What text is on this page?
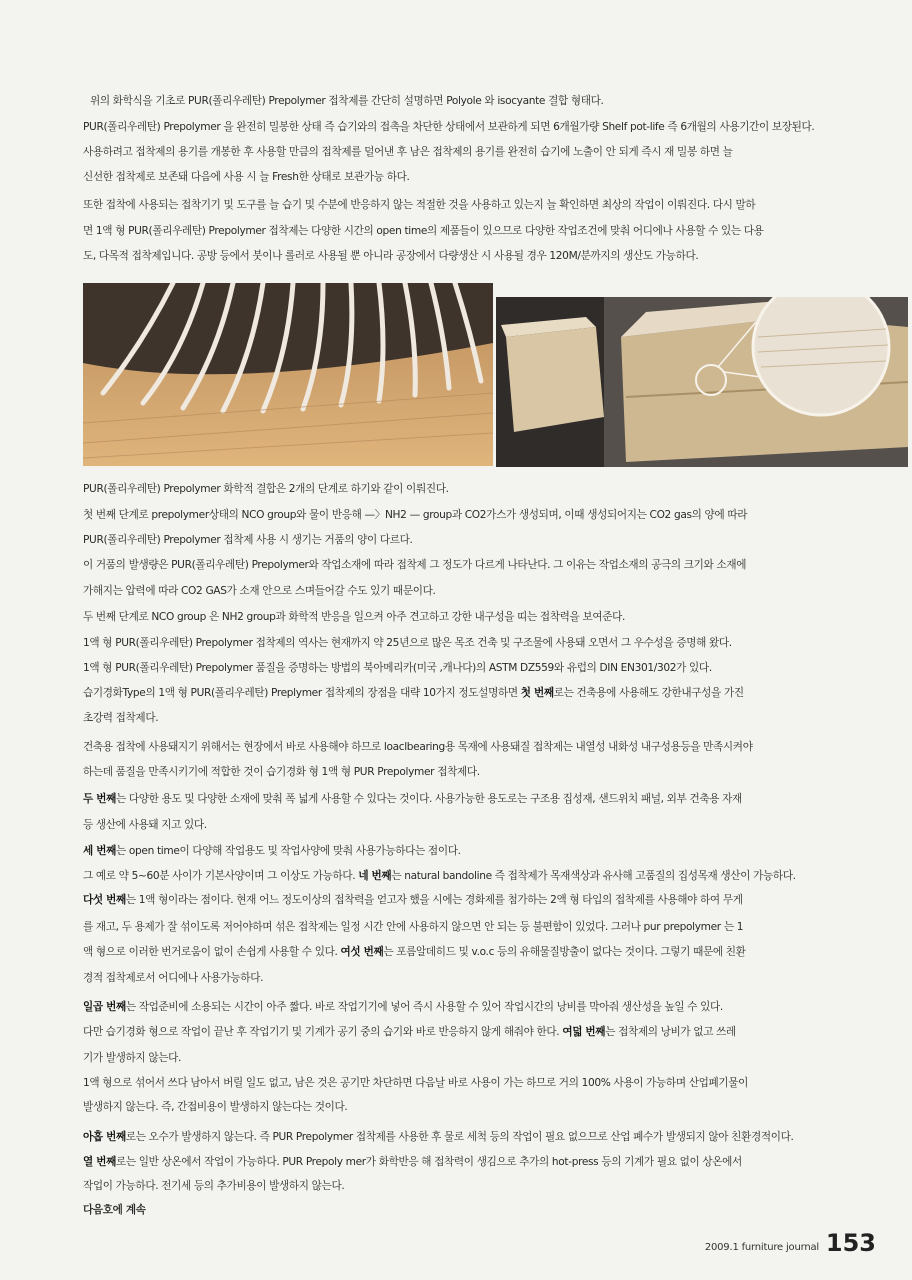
위의 화학식을 기초로 PUR(폴리우레탄) Prepolymer 접착제를 간단히 설명하면 Polyole 와 isocyante 결합 형태다.
PUR(폴리우레탄) Prepolymer 을 완전히 밀봉한 상태 즉 습기와의 접촉을 차단한 상태에서 보관하게 되면 6개월가량 Shelf pot-life 즉 6개월의 사용기간이 보장된다.
사용하려고 접착제의 용기를 개봉한 후 사용할 만큼의 접착제를 덜어낸 후 남은 접착제의 용기를 완전히 습기에 노출이 안 되게 즉시 재 밀봉 하면 늘
신선한 접착제로 보존돼 다음에 사용 시 늘 Fresh한 상태로 보관가능 하다.
또한 접착에 사용되는 접착기기 및 도구를 늘 습기 및 수분에 반응하지 않는 적절한 것을 사용하고 있는지 늘 확인하면 최상의 작업이 이뤄진다. 다시 말하
면 1액 형 PUR(폴리우레탄) Prepolymer 접착제는 다양한 시간의 open time의 제품들이 있으므로 다양한 작업조건에 맞춰 어디에나 사용할 수 있는 다용
도, 다목적 접착제입니다. 공방 등에서 붓이나 롤러로 사용될 뿐 아니라 공장에서 다량생산 시 사용될 경우 120M/분까지의 생산도 가능하다.
PUR(폴리우레탄) Prepolymer 화학적 결합은 2개의 단계로 하기와 같이 이뤄진다.
첫 번째 단계로 prepolymer상태의 NCO group와 물이 반응해 —〉NH2 — group과 CO2가스가 생성되며, 이때 생성되어지는 CO2 gas의 양에 따라
PUR(폴리우레탄) Prepolymer 접착제 사용 시 생기는 거품의 양이 다르다.
이 거품의 발생량은 PUR(폴리우레탄) Prepolymer와 작업소재에 따라 접착제 그 정도가 다르게 나타난다. 그 이유는 작업소재의 공극의 크기와 소재에
가해지는 압력에 따라 CO2 GAS가 소재 안으로 스며들어갈 수도 있기 때문이다.
두 번째 단계로 NCO group 은 NH2 group과 화학적 반응을 일으켜 아주 견고하고 강한 내구성을 띠는 접착력을 보여준다.
1액 형 PUR(폴리우레탄) Prepolymer 접착제의 역사는 현재까지 약 25년으로 많은 목조 건축 및 구조물에 사용돼 오면서 그 우수성을 증명해 왔다.
1액 형 PUR(폴리우레탄) Prepolymer 품질을 증명하는 방법의 북아메리카(미국 ,캐나다)의 ASTM DZ559와 유럽의 DIN EN301/302가 있다.
습기경화Type의 1액 형 PUR(폴리우레탄) Preplymer 접착제의 장점을 대략 10가지 정도설명하면 첫 번째로는 건축용에 사용해도 강한내구성을 가진
초강력 접착제다.
건축용 접착에 사용돼지기 위해서는 현장에서 바로 사용해야 하므로 loaclbearing용 목재에 사용돼질 접착제는 내열성 내화성 내구성용등을 만족시켜야
하는데 품질을 만족시키기에 적합한 것이 습기경화 형 1액 형 PUR Prepolymer 접착제다.
두 번째는 다양한 용도 및 다양한 소재에 맞춰 폭 넓게 사용할 수 있다는 것이다. 사용가능한 용도로는 구조용 집성재, 샌드위치 패널, 외부 건축용 자재
등 생산에 사용돼 지고 있다.
세 번째는 open time이 다양해 작업용도 및 작업사양에 맞춰 사용가능하다는 점이다.
그 예로 약 5~60분 사이가 기본사양이며 그 이상도 가능하다. 네 번째는 natural bandoline 즉 접착제가 목재색상과 유사해 고품질의 집성목재 생산이 가능하다.
다섯 번째는 1액 형이라는 점이다. 현재 어느 정도이상의 접착력을 얻고자 했을 시에는 경화제를 첨가하는 2액 형 타입의 접착제를 사용해야 하여 무게
를 재고, 두 용제가 잘 섞이도록 저어야하며 섞은 접착제는 일정 시간 안에 사용하지 않으면 안 되는 등 불편함이 있었다. 그러나 pur prepolymer 는 1
액 형으로 이러한 번거로움이 없이 손쉽게 사용할 수 있다. 여섯 번째는 포름알데히드 및 v.o.c 등의 유해물질방출이 없다는 것이다. 그렇기 때문에 친환
경적 접착제로서 어디에나 사용가능하다.
일곱 번째는 작업준비에 소용되는 시간이 아주 짧다. 바로 작업기기에 넣어 즉시 사용할 수 있어 작업시간의 낭비를 막아줘 생산성을 높일 수 있다.
다만 습기경화 형으로 작업이 끝난 후 작업기기 및 기계가 공기 중의 습기와 바로 반응하지 않게 해줘야 한다. 여덟 번째는 접착제의 낭비가 없고 쓰레
기가 발생하지 않는다.
1액 형으로 섞어서 쓰다 남아서 버릴 일도 없고, 남은 것은 공기만 차단하면 다음날 바로 사용이 가는 하므로 거의 100% 사용이 가능하며 산업폐기물이
발생하지 않는다. 즉, 간접비용이 발생하지 않는다는 것이다.
아홉 번째로는 오수가 발생하지 않는다. 즉 PUR Prepolymer 접착제를 사용한 후 물로 세척 등의 작업이 필요 없으므로 산업 폐수가 발생되지 않아 친환경적이다.
열 번째로는 일반 상온에서 작업이 가능하다. PUR Prepoly mer가 화학반응 해 접착력이 생김으로 추가의 hot-press 등의 기계가 필요 없이 상온에서
작업이 가능하다. 전기세 등의 추가비용이 발생하지 않는다.
다음호에 계속
2009.1 furniture journal 153
